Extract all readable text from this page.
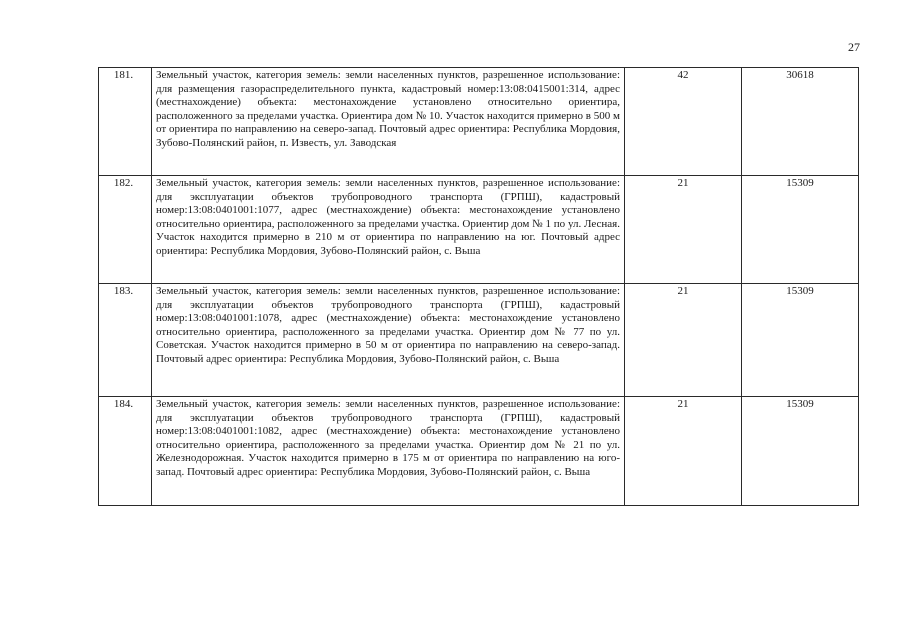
27
181.	Земельный участок, категория земель: земли населенных пунктов, разрешенное использование: для размещения газораспределительного пункта, кадастровый номер:13:08:0415001:314, адрес (местнахождение) объекта: местонахождение установлено относительно ориентира, расположенного за пределами участка. Ориентира дом № 10. Участок находится примерно в 500 м от ориентира по направлению на северо-запад. Почтовый адрес ориентира: Республика Мордовия, Зубово-Полянский район, п. Известь, ул. Заводская	42	30618
182.	Земельный участок, категория земель: земли населенных пунктов, разрешенное использование: для эксплуатации объектов трубопроводного транспорта (ГРПШ), кадастровый номер:13:08:0401001:1077, адрес (местнахождение) объекта: местонахождение установлено относительно ориентира, расположенного за пределами участка. Ориентир дом № 1 по ул. Лесная. Участок находится примерно в 210 м от ориентира по направлению на юг. Почтовый адрес ориентира: Республика Мордовия, Зубово-Полянский район, с. Вьша	21	15309
183.	Земельный участок, категория земель: земли населенных пунктов, разрешенное использование: для эксплуатации объектов трубопроводного транспорта (ГРПШ), кадастровый номер:13:08:0401001:1078, адрес (местнахождение) объекта: местонахождение установлено относительно ориентира, расположенного за пределами участка. Ориентир дом № 77 по ул. Советская. Участок находится примерно в 50 м от ориентира по направлению на северо-запад. Почтовый адрес ориентира: Республика Мордовия, Зубово-Полянский район, с. Вьша	21	15309
184.	Земельный участок, категория земель: земли населенных пунктов, разрешенное использование: для эксплуатации объектов трубопроводного транспорта (ГРПШ), кадастровый номер:13:08:0401001:1082, адрес (местнахождение) объекта: местонахождение установлено относительно ориентира, расположенного за пределами участка. Ориентир дом № 21 по ул. Железнодорожная. Участок находится примерно в 175 м от ориентира по направлению на юго-запад. Почтовый адрес ориентира: Республика Мордовия, Зубово-Полянский район, с. Вьша	21	15309
